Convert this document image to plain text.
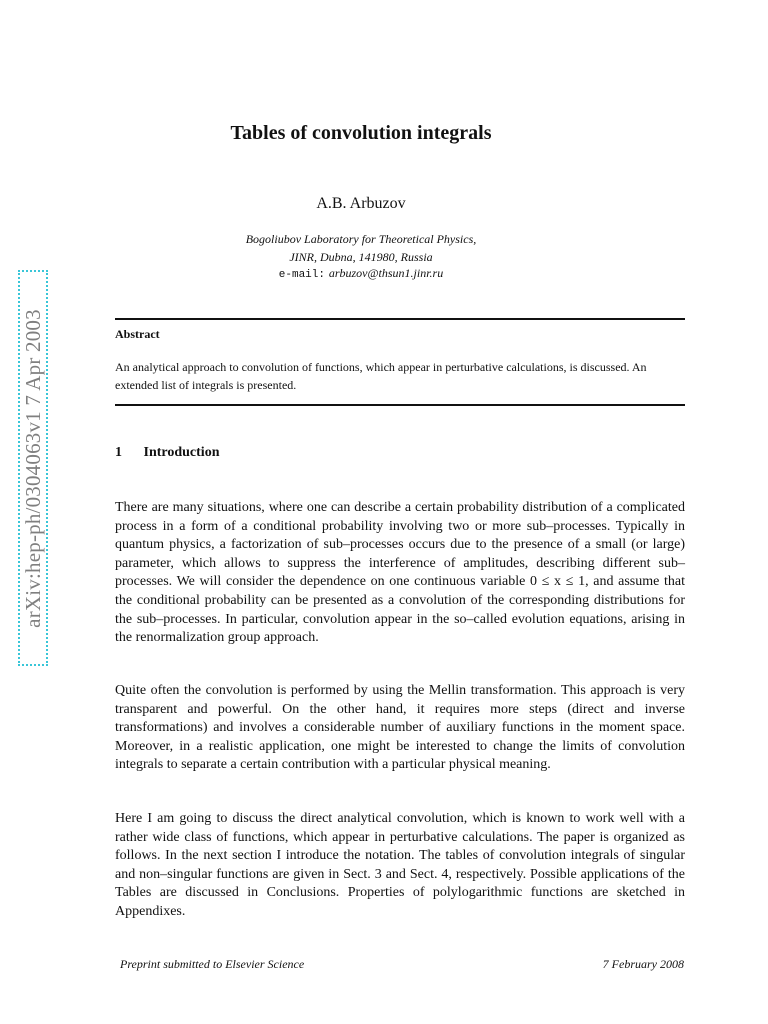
arXiv:hep-ph/0304063v1 7 Apr 2003
Tables of convolution integrals
A.B. Arbuzov
Bogoliubov Laboratory for Theoretical Physics,
JINR, Dubna, 141980, Russia
e-mail: arbuzov@thsun1.jinr.ru
Abstract
An analytical approach to convolution of functions, which appear in perturbative calculations, is discussed. An extended list of integrals is presented.
1 Introduction

There are many situations, where one can describe a certain probability distribution of a complicated process in a form of a conditional probability involving two or more sub–processes. Typically in quantum physics, a factorization of sub–processes occurs due to the presence of a small (or large) parameter, which allows to suppress the interference of amplitudes, describing different sub–processes. We will consider the dependence on one continuous variable 0 ≤ x ≤ 1, and assume that the conditional probability can be presented as a convolution of the corresponding distributions for the sub–processes. In particular, convolution appear in the so–called evolution equations, arising in the renormalization group approach.

Quite often the convolution is performed by using the Mellin transformation. This approach is very transparent and powerful. On the other hand, it requires more steps (direct and inverse transformations) and involves a considerable number of auxiliary functions in the moment space. Moreover, in a realistic application, one might be interested to change the limits of convolution integrals to separate a certain contribution with a particular physical meaning.

Here I am going to discuss the direct analytical convolution, which is known to work well with a rather wide class of functions, which appear in perturbative calculations. The paper is organized as follows. In the next section I introduce the notation. The tables of convolution integrals of singular and non–singular functions are given in Sect. 3 and Sect. 4, respectively. Possible applications of the Tables are discussed in Conclusions. Properties of polylogarithmic functions are sketched in Appendixes.

Preprint submitted to Elsevier Science	7 February 2008
